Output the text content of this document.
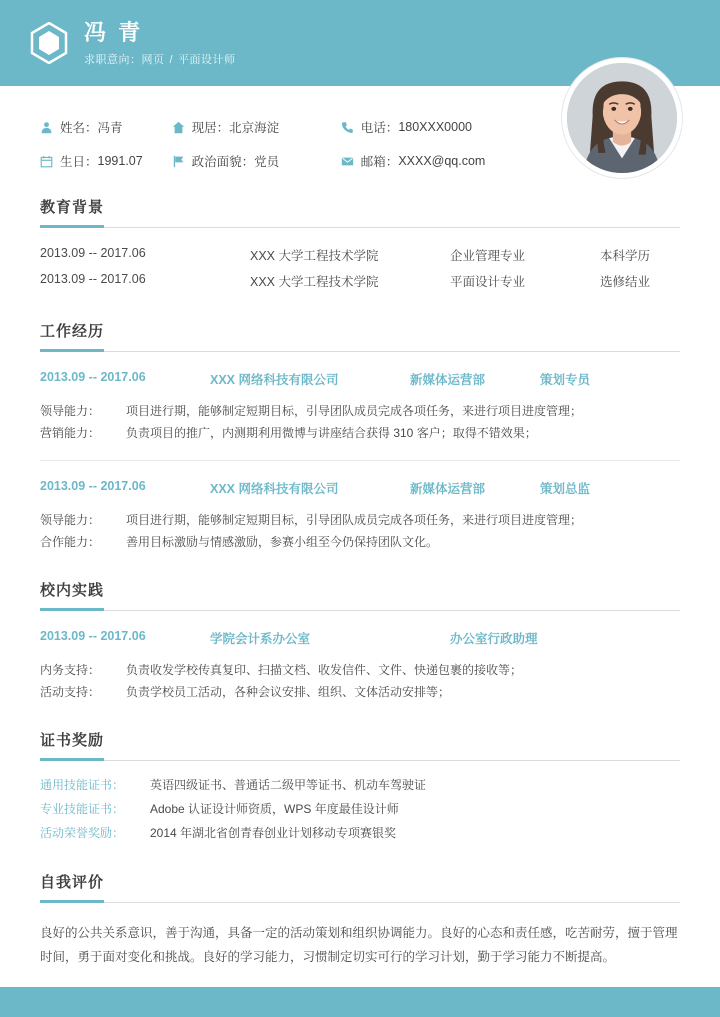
冯 青
求职意向：网页 / 平面设计师
姓名： 冯青	现居： 北京海淀	电话： 180XXX0000
生日： 1991.07	政治面貌： 党员	邮箱： XXXX@qq.com
教育背景
2013.09 -- 2017.06	XXX 大学工程技术学院	企业管理专业	本科学历
2013.09 -- 2017.06	XXX 大学工程技术学院	平面设计专业	选修结业
工作经历
2013.09 -- 2017.06	XXX 网络科技有限公司	新媒体运营部	策划专员
领导能力：	项目进行期，能够制定短期目标，引导团队成员完成各项任务，来进行项目进度管理；
营销能力：	负责项目的推广，内测期利用微博与讲座结合获得 310 客户；取得不错效果；
2013.09 -- 2017.06	XXX 网络科技有限公司	新媒体运营部	策划总监
领导能力：	项目进行期，能够制定短期目标，引导团队成员完成各项任务，来进行项目进度管理；
合作能力：	善用目标激励与情感激励，参赛小组至今仍保持团队文化。
校内实践
2013.09 -- 2017.06	学院会计系办公室	办公室行政助理
内务支持：	负责收发学校传真复印、扫描文档、收发信件、文件、快递包裹的接收等；
活动支持：	负责学校员工活动，各种会议安排、组织、文体活动安排等；
证书奖励
通用技能证书：	英语四级证书、普通话二级甲等证书、机动车驾驶证
专业技能证书：	Adobe 认证设计师资质，WPS 年度最佳设计师
活动荣誉奖励：	2014 年湖北省创青春创业计划移动专项赛银奖
自我评价
良好的公共关系意识，善于沟通，具备一定的活动策划和组织协调能力。良好的心态和责任感，吃苦耐劳，擅于管理时间，勇于面对变化和挑战。良好的学习能力，习惯制定切实可行的学习计划，勤于学习能力不断提高。
